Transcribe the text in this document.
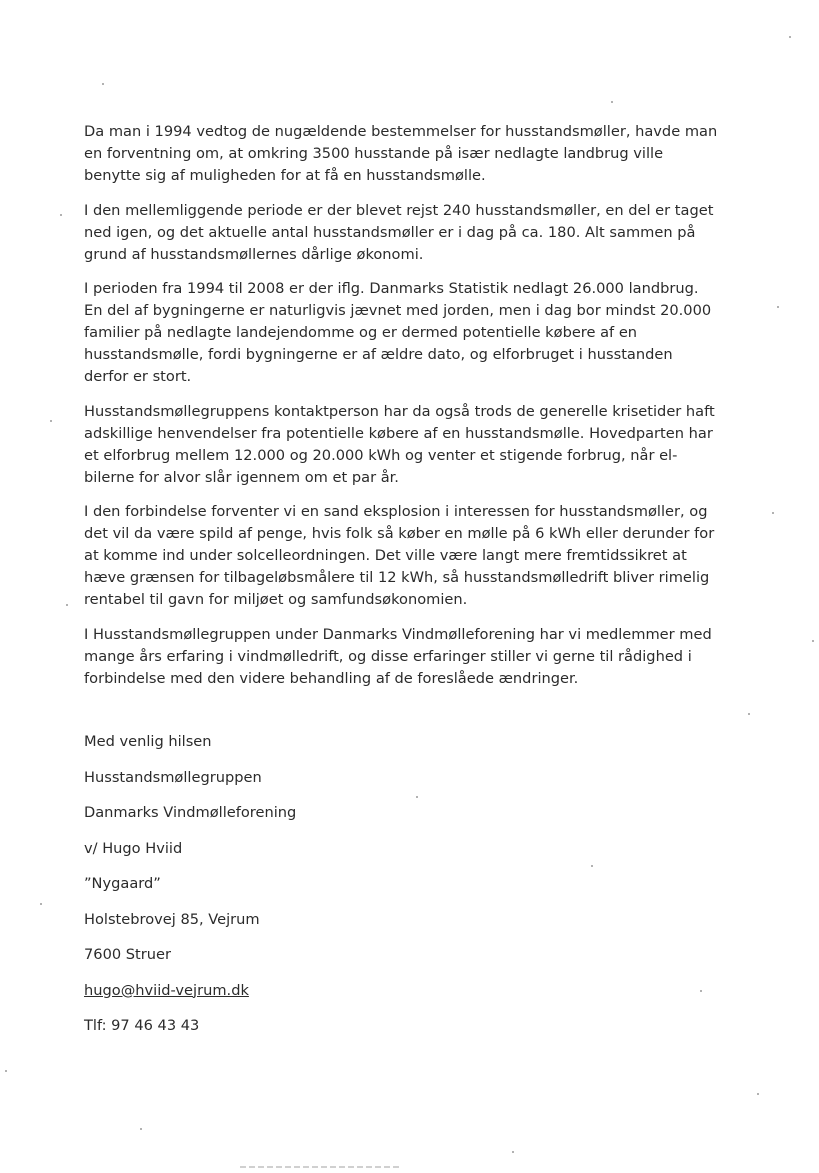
Da man i 1994 vedtog de nugældende bestemmelser for husstandsmøller, havde man
en forventning om, at omkring 3500 husstande på især nedlagte landbrug ville
benytte sig af muligheden for at få en husstandsmølle.

I den mellemliggende periode er der blevet rejst 240 husstandsmøller, en del er taget
ned igen, og det aktuelle antal husstandsmøller er i dag på ca. 180. Alt sammen på
grund af husstandsmøllernes dårlige økonomi.

I perioden fra 1994 til 2008 er der iflg. Danmarks Statistik nedlagt 26.000 landbrug.
En del af bygningerne er naturligvis jævnet med jorden, men i dag bor mindst 20.000
familier på nedlagte landejendomme og er dermed potentielle købere af en
husstandsmølle, fordi bygningerne er af ældre dato, og elforbruget i husstanden
derfor er stort.

Husstandsmøllegruppens kontaktperson har da også trods de generelle krisetider haft
adskillige henvendelser fra potentielle købere af en husstandsmølle. Hovedparten har
et elforbrug mellem 12.000 og 20.000 kWh og venter et stigende forbrug, når el-
bilerne for alvor slår igennem om et par år.

I den forbindelse forventer vi en sand eksplosion i interessen for husstandsmøller, og
det vil da være spild af penge, hvis folk så køber en mølle på 6 kWh eller derunder for
at komme ind under solcelleordningen. Det ville være langt mere fremtidssikret at
hæve grænsen for tilbageløbsmålere til 12 kWh, så husstandsmølledrift bliver rimelig
rentabel til gavn for miljøet og samfundsøkonomien.

I Husstandsmøllegruppen under Danmarks Vindmølleforening har vi medlemmer med
mange års erfaring i vindmølledrift, og disse erfaringer stiller vi gerne til rådighed i
forbindelse med den videre behandling af de foreslåede ændringer.

Med venlig hilsen
Husstandsmøllegruppen
Danmarks Vindmølleforening
v/ Hugo Hviid
”Nygaard”
Holstebrovej 85, Vejrum
7600 Struer
hugo@hviid-vejrum.dk
Tlf: 97 46 43 43
